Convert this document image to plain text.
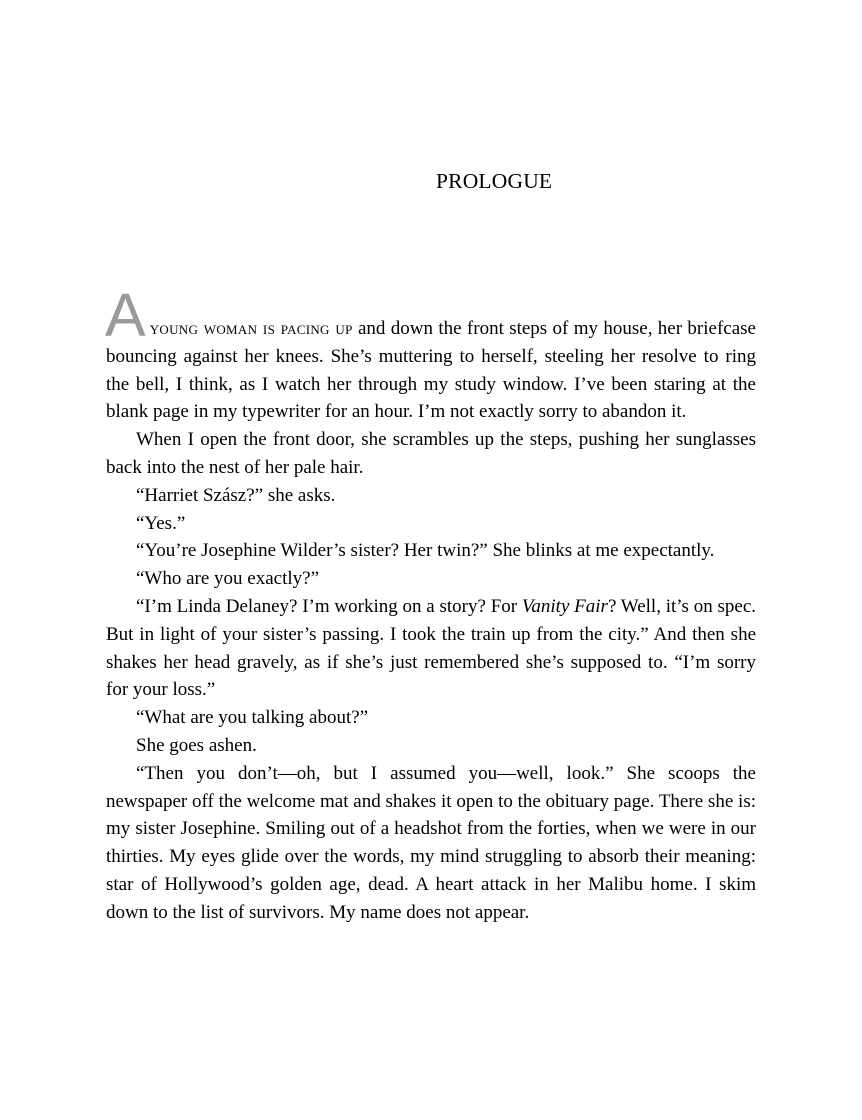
PROLOGUE

A young woman is pacing up and down the front steps of my house, her briefcase bouncing against her knees. She’s muttering to herself, steeling her resolve to ring the bell, I think, as I watch her through my study window. I’ve been staring at the blank page in my typewriter for an hour. I’m not exactly sorry to abandon it.

When I open the front door, she scrambles up the steps, pushing her sunglasses back into the nest of her pale hair.

“Harriet Szász?” she asks.

“Yes.”

“You’re Josephine Wilder’s sister? Her twin?” She blinks at me expectantly.

“Who are you exactly?”

“I’m Linda Delaney? I’m working on a story? For Vanity Fair? Well, it’s on spec. But in light of your sister’s passing. I took the train up from the city.” And then she shakes her head gravely, as if she’s just remembered she’s supposed to. “I’m sorry for your loss.”

“What are you talking about?”

She goes ashen.

“Then you don’t—oh, but I assumed you—well, look.” She scoops the newspaper off the welcome mat and shakes it open to the obituary page. There she is: my sister Josephine. Smiling out of a headshot from the forties, when we were in our thirties. My eyes glide over the words, my mind struggling to absorb their meaning: star of Hollywood’s golden age, dead. A heart attack in her Malibu home. I skim down to the list of survivors. My name does not appear.
